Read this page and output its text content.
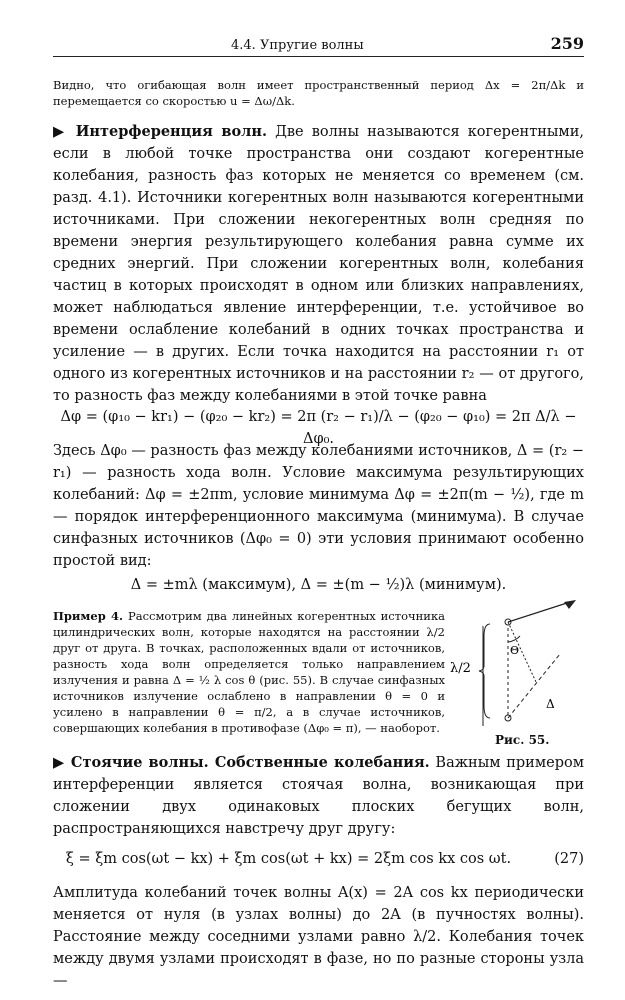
4.4. Упругие волны	259
Видно, что огибающая волн имеет пространственный период Δx = 2π/Δk и перемещается со скоростью u = Δω/Δk.
▶ Интерференция волн. Две волны называются когерентными, если в любой точке пространства они создают когерентные колебания, разность фаз которых не меняется со временем (см. разд. 4.1). Источники когерентных волн называются когерентными источниками. При сложении некогерентных волн средняя по времени энергия результирующего колебания равна сумме их средних энергий. При сложении когерентных волн, колебания частиц в которых происходят в одном или близких направлениях, может наблюдаться явление интерференции, т.е. устойчивое во времени ослабление колебаний в одних точках пространства и усиление — в других. Если точка находится на расстоянии r₁ от одного из когерентных источников и на расстоянии r₂ — от другого, то разность фаз между колебаниями в этой точке равна
Δφ = (φ₁₀ − kr₁) − (φ₂₀ − kr₂) = 2π (r₂ − r₁)/λ − (φ₂₀ − φ₁₀) = 2π Δ/λ − Δφ₀.
Здесь Δφ₀ — разность фаз между колебаниями источников, Δ = (r₂ − r₁) — разность хода волн. Условие максимума результирующих колебаний: Δφ = ±2πm, условие минимума Δφ = ±2π(m − ½), где m — порядок интерференционного максимума (минимума). В случае синфазных источников (Δφ₀ = 0) эти условия принимают особенно простой вид:
Δ = ±mλ (максимум), Δ = ±(m − ½)λ (минимум).
Пример 4. Рассмотрим два линейных когерентных источника цилиндрических волн, которые находятся на расстоянии λ/2 друг от друга. В точках, расположенных вдали от источников, разность хода волн определяется только направлением излучения и равна Δ = ½ λ cos θ (рис. 55). В случае синфазных источников излучение ослаблено в направлении θ = 0 и усилено в направлении θ = π/2, а в случае источников, совершающих колебания в противофазе (Δφ₀ = π), — наоборот.
Θ
Δ
λ/2
Рис. 55.
▶ Стоячие волны. Собственные колебания. Важным примером интерференции является стоячая волна, возникающая при сложении двух одинаковых плоских бегущих волн, распространяющихся навстречу друг другу:
ξ = ξm cos(ωt − kx) + ξm cos(ωt + kx) = 2ξm cos kx cos ωt.	(27)
Амплитуда колебаний точек волны A(x) = 2A cos kx периодически меняется от нуля (в узлах волны) до 2A (в пучностях волны). Расстояние между соседними узлами равно λ/2. Колебания точек между двумя узлами происходят в фазе, но по разные стороны узла —
